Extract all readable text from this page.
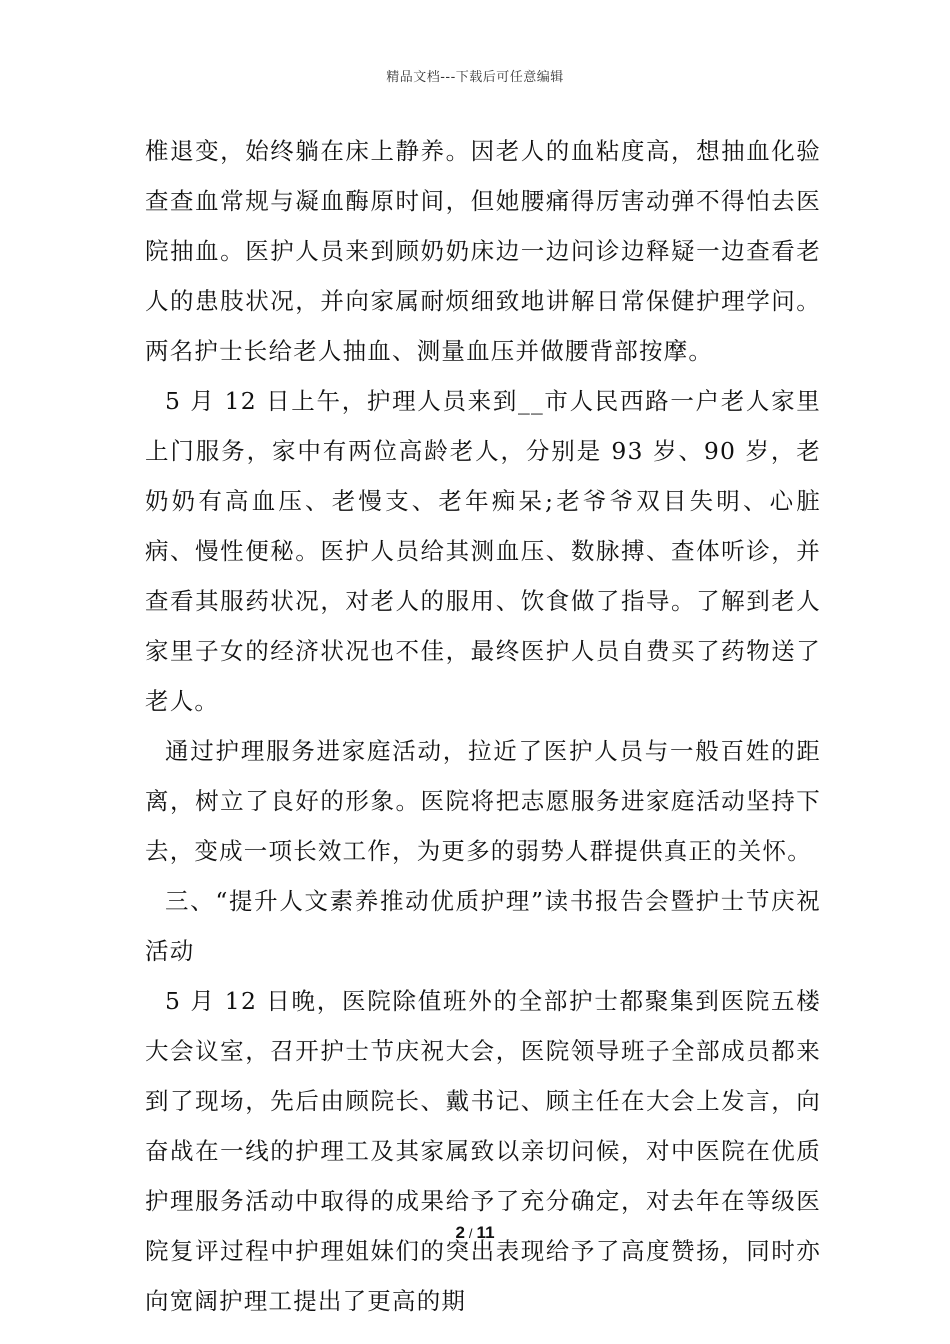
精品文档---下载后可任意编辑

椎退变，始终躺在床上静养。因老人的血粘度高，想抽血化验查查血常规与凝血酶原时间，但她腰痛得厉害动弹不得怕去医院抽血。医护人员来到顾奶奶床边一边问诊边释疑一边查看老人的患肢状况，并向家属耐烦细致地讲解日常保健护理学问。两名护士长给老人抽血、测量血压并做腰背部按摩。

5 月 12 日上午，护理人员来到__市人民西路一户老人家里上门服务，家中有两位高龄老人，分别是 93 岁、90 岁，老奶奶有高血压、老慢支、老年痴呆;老爷爷双目失明、心脏病、慢性便秘。医护人员给其测血压、数脉搏、查体听诊，并查看其服药状况，对老人的服用、饮食做了指导。了解到老人家里子女的经济状况也不佳，最终医护人员自费买了药物送了老人。

通过护理服务进家庭活动，拉近了医护人员与一般百姓的距离，树立了良好的形象。医院将把志愿服务进家庭活动坚持下去，变成一项长效工作，为更多的弱势人群提供真正的关怀。

三、“提升人文素养推动优质护理”读书报告会暨护士节庆祝活动

5 月 12 日晚，医院除值班外的全部护士都聚集到医院五楼大会议室，召开护士节庆祝大会，医院领导班子全部成员都来到了现场，先后由顾院长、戴书记、顾主任在大会上发言，向奋战在一线的护理工及其家属致以亲切问候，对中医院在优质护理服务活动中取得的成果给予了充分确定，对去年在等级医院复评过程中护理姐妹们的突出表现给予了高度赞扬，同时亦向宽阔护理工提出了更高的期

2 / 11
